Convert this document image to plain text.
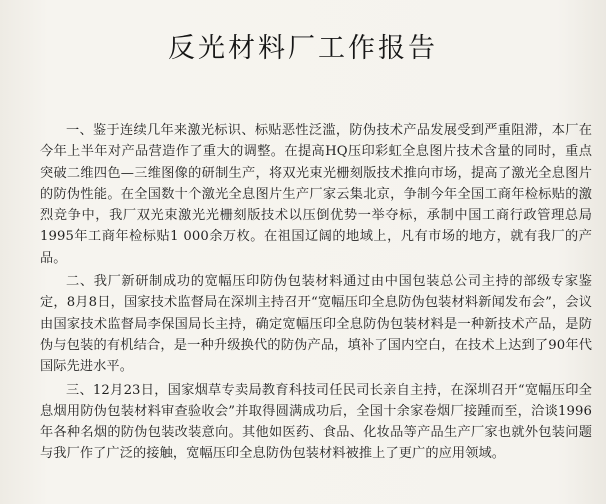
反光材料厂工作报告

一、鉴于连续几年来激光标识、标贴恶性泛滥，防伪技术产品发展受到严重阻滞，本厂在今年上半年对产品营造作了重大的调整。在提高HQ压印彩虹全息图片技术含量的同时，重点突破二维四色—三维图像的研制生产，将双光束光栅刻版技术推向市场，提高了激光全息图片的防伪性能。在全国数十个激光全息图片生产厂家云集北京，争制今年全国工商年检标贴的激烈竞争中，我厂双光束激光光栅刻版技术以压倒优势一举夺标，承制中国工商行政管理总局1995年工商年检标贴1 000余万枚。在祖国辽阔的地域上，凡有市场的地方，就有我厂的产品。

二、我厂新研制成功的宽幅压印防伪包装材料通过由中国包装总公司主持的部级专家鉴定，8月8日，国家技术监督局在深圳主持召开“宽幅压印全息防伪包装材料新闻发布会”，会议由国家技术监督局李保国局长主持，确定宽幅压印全息防伪包装材料是一种新技术产品，是防伪与包装的有机结合，是一种升级换代的防伪产品，填补了国内空白，在技术上达到了90年代国际先进水平。

三、12月23日，国家烟草专卖局教育科技司任民司长亲自主持，在深圳召开“宽幅压印全息烟用防伪包装材料审查验收会”并取得圆满成功后，全国十余家卷烟厂接踵而至，洽谈1996年各种名烟的防伪包装改装意向。其他如医药、食品、化妆品等产品生产厂家也就外包装问题与我厂作了广泛的接触，宽幅压印全息防伪包装材料被推上了更广的应用领域。
